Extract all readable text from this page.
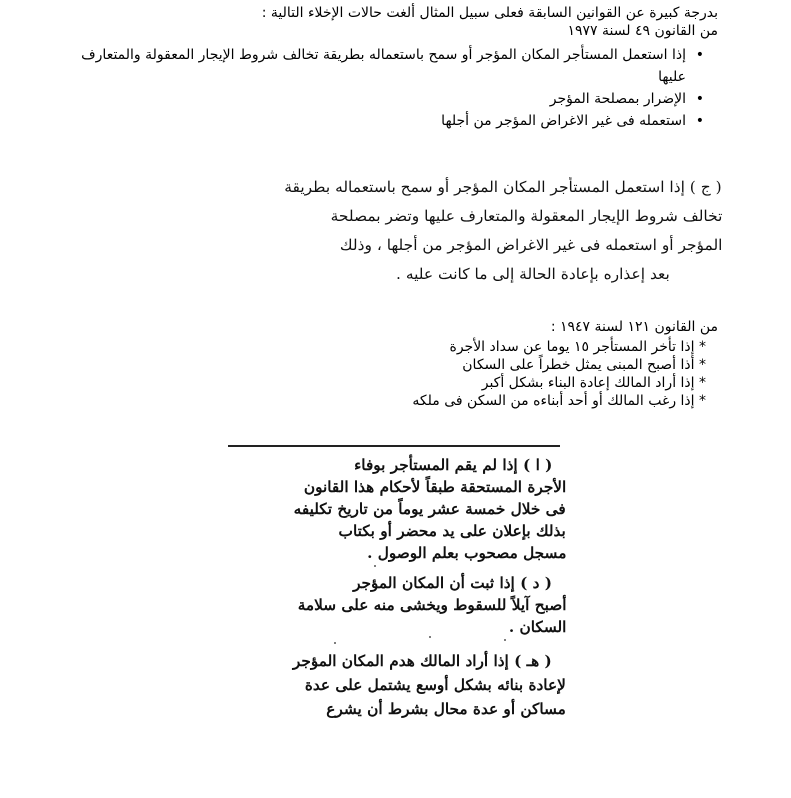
بدرجة كبيرة عن القوانين السابقة فعلى سبيل المثال ألغت حالات الإخلاء التالية :
من القانون ٤٩ لسنة ١٩٧٧
• إذا استعمل المستأجر المكان المؤجر أو سمح باستعماله بطريقة تخالف شروط الإيجار المعقولة والمتعارف عليها
• الإضرار بمصلحة المؤجر
• استعمله فى غير الاغراض المؤجر من أجلها
( ج ) إذا استعمل المستأجر المكان المؤجر أو سمح باستعماله بطريقة
تخالف شروط الإيجار المعقولة والمتعارف عليها وتضر بمصلحة
المؤجر أو استعمله فى غير الاغراض المؤجر من أجلها ، وذلك
بعد إعذاره بإعادة الحالة إلى ما كانت عليه .
من القانون ١٢١ لسنة ١٩٤٧ :
* إذا تأخر المستأجر ١٥ يوما عن سداد الأجرة
* أذا أصبح المبنى يمثل خطراً على السكان
* إذا أراد المالك إعادة البناء بشكل أكبر
* إذا رغب المالك أو أحد أبناءه من السكن فى ملكه
( ا ) إذا لم يقم المستأجر بوفاء
الأجرة المستحقة طبقاً لأحكام هذا القانون
فى خلال خمسة عشر يوماً من تاريخ تكليفه
بذلك بإعلان على يد محضر أو بكتاب
مسجل مصحوب بعلم الوصول .
( د ) إذا ثبت أن المكان المؤجر
أصبح آيلاً للسقوط ويخشى منه على سلامة
السكان .
( هـ ) إذا أراد المالك هدم المكان المؤجر
لإعادة بنائه بشكل أوسع يشتمل على عدة
مساكن أو عدة محال بشرط أن يشرع
